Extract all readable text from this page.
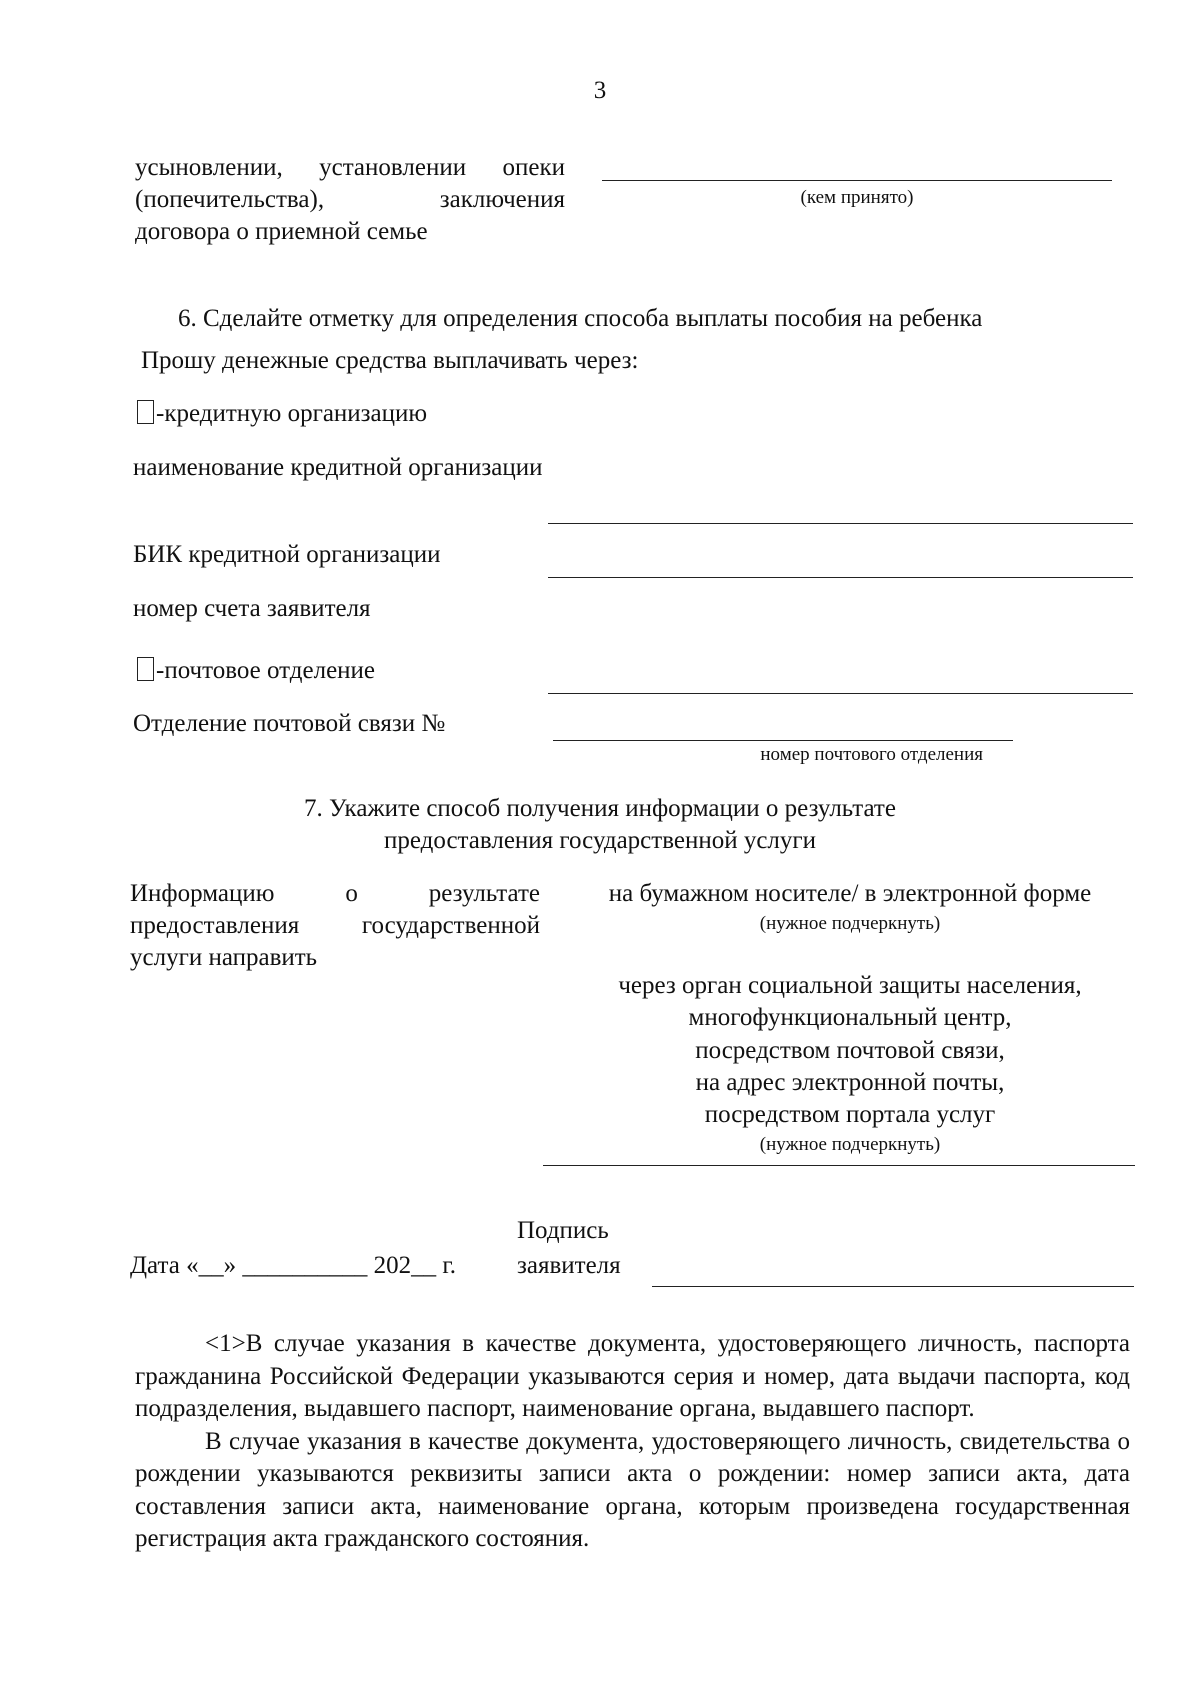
3
усыновлении, установлении опеки
(попечительства), заключения
договора о приемной семье
(кем принято)
6. Сделайте отметку для определения способа выплаты пособия на ребенка
Прошу денежные средства выплачивать через:
-кредитную организацию
наименование кредитной организации
БИК кредитной организации
номер счета заявителя
-почтовое отделение
Отделение почтовой связи №
номер почтового отделения
7. Укажите способ получения информации о результате
предоставления государственной услуги
Информацию о результате предоставления государственной услуги направить
на бумажном носителе/ в электронной форме
(нужное подчеркнуть)
через орган социальной защиты населения,
многофункциональный центр,
посредством почтовой связи,
на адрес электронной почты,
посредством портала услуг
(нужное подчеркнуть)
Подпись
Дата «__» __________ 202__ г. заявителя

<1>В случае указания в качестве документа, удостоверяющего личность, паспорта гражданина Российской Федерации указываются серия и номер, дата выдачи паспорта, код подразделения, выдавшего паспорт, наименование органа, выдавшего паспорт.

В случае указания в качестве документа, удостоверяющего личность, свидетельства о рождении указываются реквизиты записи акта о рождении: номер записи акта, дата составления записи акта, наименование органа, которым произведена государственная регистрация акта гражданского состояния.
